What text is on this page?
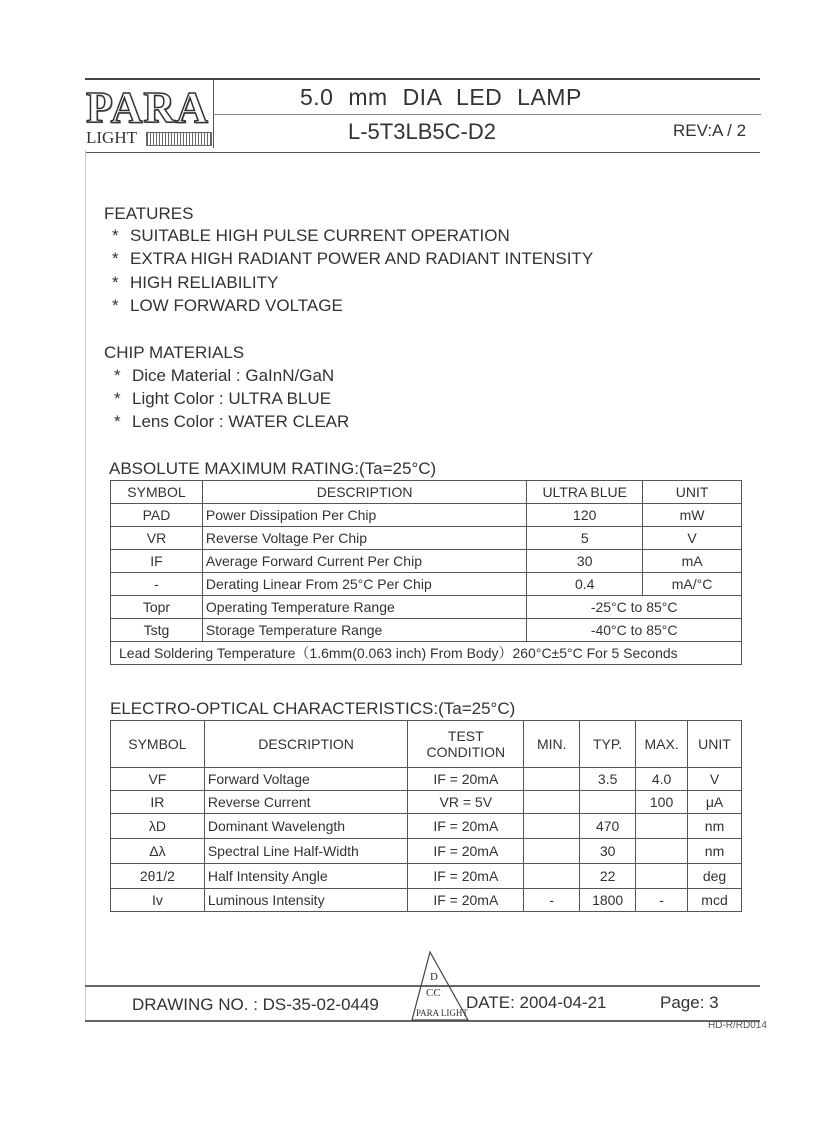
PARA
LIGHT
5.0 mm DIA LED LAMP
L-5T3LB5C-D2	REV:A / 2
FEATURES
* SUITABLE HIGH PULSE CURRENT OPERATION
* EXTRA HIGH RADIANT POWER AND RADIANT INTENSITY
* HIGH RELIABILITY
* LOW FORWARD VOLTAGE
CHIP MATERIALS
* Dice Material : GaInN/GaN
* Light Color : ULTRA BLUE
* Lens Color : WATER CLEAR
ABSOLUTE MAXIMUM RATING:(Ta=25°C)
SYMBOL	DESCRIPTION	ULTRA BLUE	UNIT
PAD	Power Dissipation Per Chip	120	mW
VR	Reverse Voltage Per Chip	5	V
IF	Average Forward Current Per Chip	30	mA
-	Derating Linear From 25°C Per Chip	0.4	mA/°C
Topr	Operating Temperature Range	-25°C to 85°C	
Tstg	Storage Temperature Range	-40°C to 85°C	
Lead Soldering Temperature（1.6mm(0.063 inch) From Body）260°C±5°C For 5 Seconds			
ELECTRO-OPTICAL CHARACTERISTICS:(Ta=25°C)
SYMBOL	DESCRIPTION	TEST CONDITION	MIN.	TYP.	MAX.	UNIT
VF	Forward Voltage	IF = 20mA		3.5	4.0	V
IR	Reverse Current	VR = 5V			100	μA
λD	Dominant Wavelength	IF = 20mA		470		nm
Δλ	Spectral Line Half-Width	IF = 20mA		30		nm
2θ1/2	Half Intensity Angle	IF = 20mA		22		deg
Iv	Luminous Intensity	IF = 20mA	-	1800	-	mcd
DRAWING NO. : DS-35-02-0449
D
CC
PARA LIGHT
DATE: 2004-04-21	Page: 3
HD-R/RD014
